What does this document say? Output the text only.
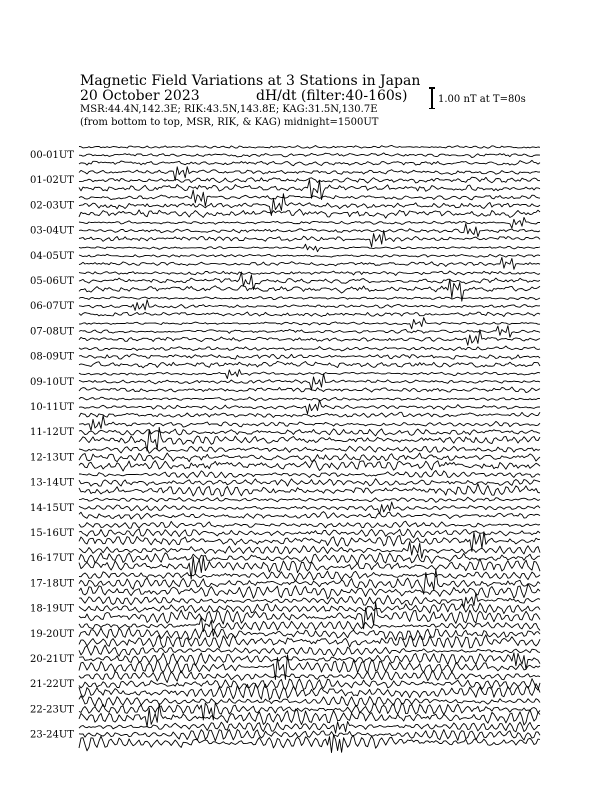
Magnetic Field Variations at 3 Stations in Japan
20 October 2023	dH/dt (filter:40-160s)
MSR:44.4N,142.3E; RIK:43.5N,143.8E; KAG:31.5N,130.7E
(from bottom to top, MSR, RIK, & KAG) midnight=1500UT
1.00 nT at T=80s
00-01UT
01-02UT
02-03UT
03-04UT
04-05UT
05-06UT
06-07UT
07-08UT
08-09UT
09-10UT
10-11UT
11-12UT
12-13UT
13-14UT
14-15UT
15-16UT
16-17UT
17-18UT
18-19UT
19-20UT
20-21UT
21-22UT
22-23UT
23-24UT
